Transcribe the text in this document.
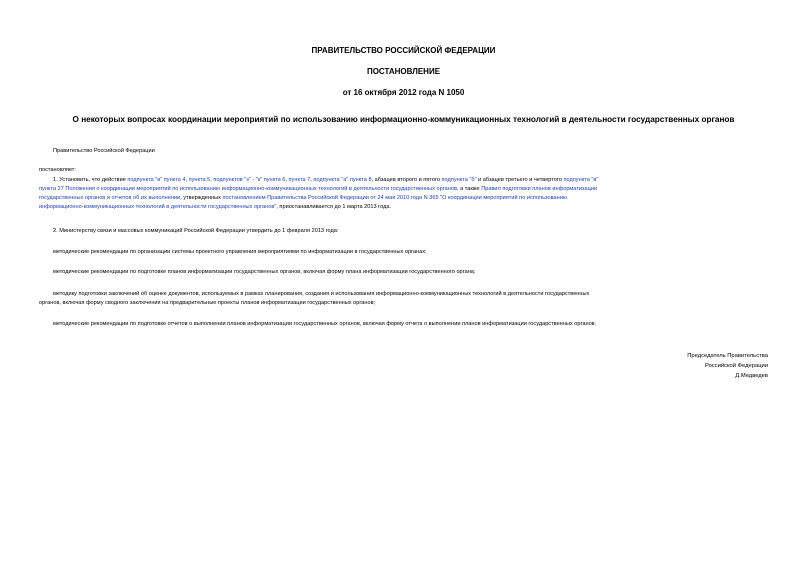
ПРАВИТЕЛЬСТВО РОССИЙСКОЙ ФЕДЕРАЦИИ
ПОСТАНОВЛЕНИЕ
от 16 октября 2012 года N 1050
О некоторых вопросах координации мероприятий по использованию информационно-коммуникационных технологий в деятельности государственных органов
Правительство Российской Федерации
постановляет:
1. Установить, что действие подпункта "в" пункта 4, пункта 5, подпунктов "з" - "к" пункта 6, пункта 7, подпункта "а" пункта 8, абзацев второго и пятого подпункта "б" и абзацев третьего и четвертого подпункта "в"
пункта 27 Положения о координации мероприятий по использованию информационно-коммуникационных технологий в деятельности государственных органов, а также Правил подготовки планов информатизации
государственных органов и отчетов об их выполнении, утвержденных постановлением Правительства Российской Федерации от 24 мая 2010 года N 365 "О координации мероприятий по использованию
информационно-коммуникационных технологий в деятельности государственных органов", приостанавливается до 1 марта 2013 года.
2. Министерству связи и массовых коммуникаций Российской Федерации утвердить до 1 февраля 2013 года:
методические рекомендации по организации системы проектного управления мероприятиями по информатизации в государственных органах;
методические рекомендации по подготовке планов информатизации государственных органов, включая форму плана информатизации государственного органа;
методику подготовки заключений об оценке документов, используемых в рамках планирования, создания и использования информационно-коммуникационных технологий в деятельности государственных
органов, включая форму сводного заключения на предварительные проекты планов информатизации государственных органов;
методические рекомендации по подготовке отчетов о выполнении планов информатизации государственных органов, включая форму отчета о выполнении планов информатизации государственных органов.
Председатель Правительства
Российской Федерации
Д.Медведев
